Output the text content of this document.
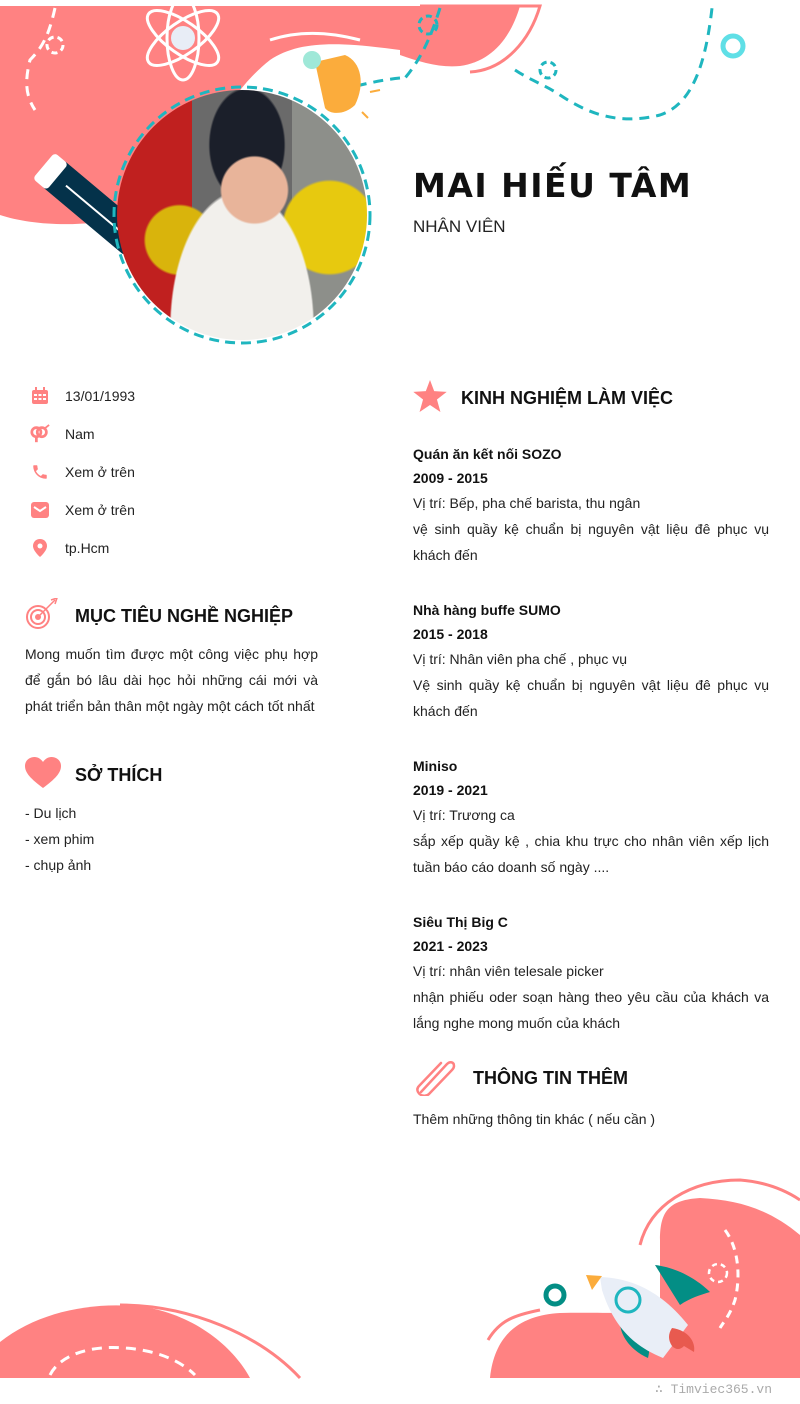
MAI HIẾU TÂM
NHÂN VIÊN
13/01/1993
Nam
Xem ở trên
Xem ở trên
tp.Hcm
MỤC TIÊU NGHỀ NGHIỆP
Mong muốn tìm được một công việc phụ hợp để gắn bó lâu dài học hỏi những cái mới và phát triển bản thân một ngày một cách tốt nhất
SỞ THÍCH
- Du lịch
- xem phim
- chụp ảnh
KINH NGHIỆM LÀM VIỆC
Quán ăn kết nối SOZO
2009 - 2015
Vị trí: Bếp, pha chế barista, thu ngân
vệ sinh quầy kệ chuẩn bị nguyên vật liệu đê phục vụ khách đến
Nhà hàng buffe SUMO
2015 - 2018
Vị trí: Nhân viên pha chế , phục vụ
Vệ sinh quầy kệ chuẩn bị nguyên vật liệu đê phục vụ khách đến
Miniso
2019 - 2021
Vị trí: Trương ca
sắp xếp quầy kệ , chia khu trực cho nhân viên xếp lịch tuần báo cáo doanh số ngày ....
Siêu Thị Big C
2021 - 2023
Vị trí: nhân viên telesale picker
nhận phiếu oder soạn hàng theo yêu cầu của khách va lắng nghe mong muốn của khách
THÔNG TIN THÊM
Thêm những thông tin khác ( nếu cần )
∴ Timviec365.vn
